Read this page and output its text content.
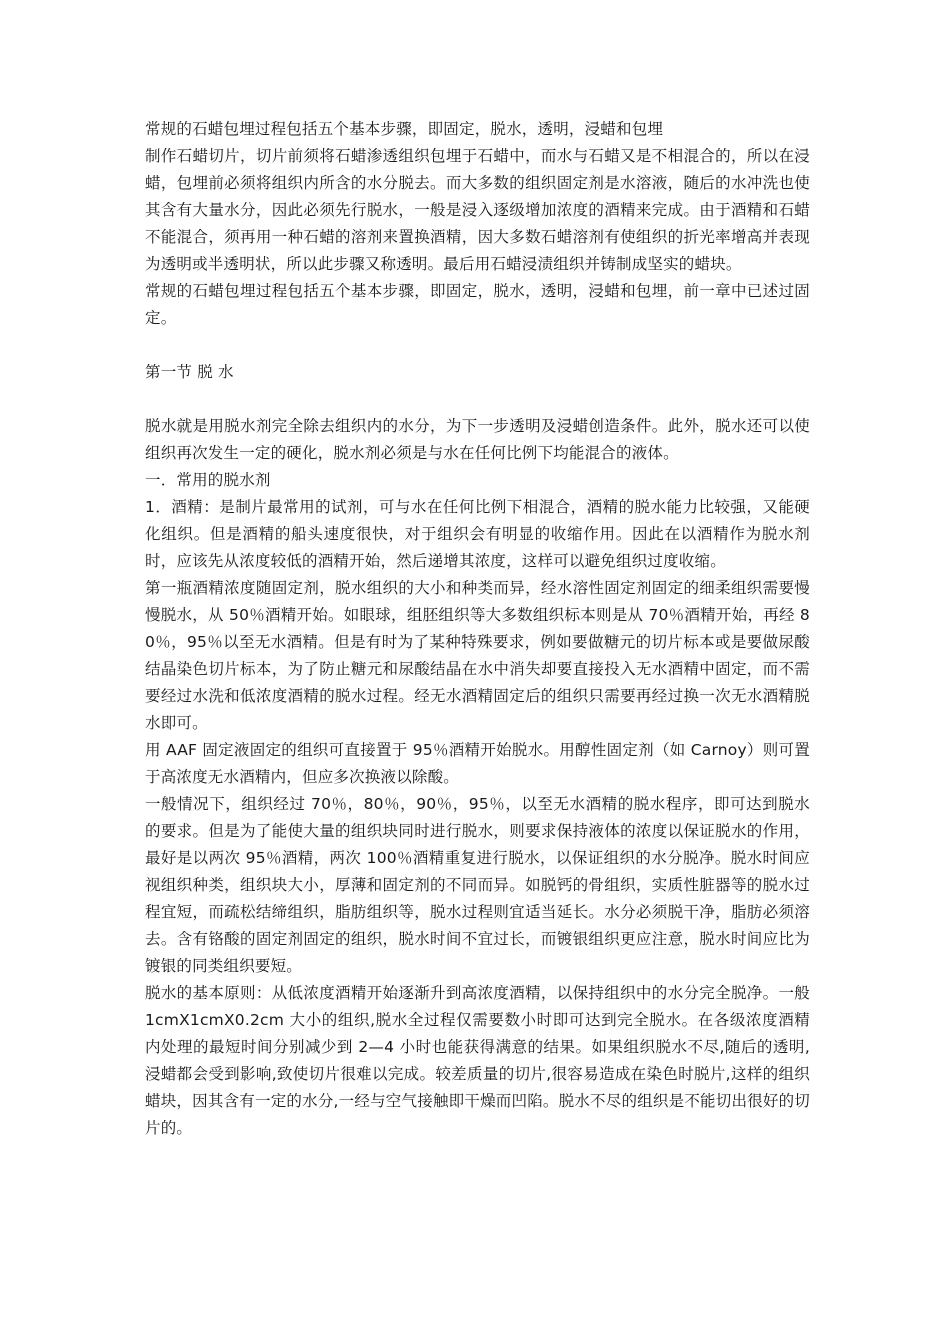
常规的石蜡包埋过程包括五个基本步骤，即固定，脱水，透明，浸蜡和包埋

制作石蜡切片，切片前须将石蜡渗透组织包埋于石蜡中，而水与石蜡又是不相混合的，所以在浸蜡，包埋前必须将组织内所含的水分脱去。而大多数的组织固定剂是水溶液，随后的水冲洗也使其含有大量水分，因此必须先行脱水，一般是浸入逐级增加浓度的酒精来完成。由于酒精和石蜡不能混合，须再用一种石蜡的溶剂来置换酒精，因大多数石蜡溶剂有使组织的折光率增高并表现为透明或半透明状，所以此步骤又称透明。最后用石蜡浸渍组织并铸制成坚实的蜡块。

常规的石蜡包埋过程包括五个基本步骤，即固定，脱水，透明，浸蜡和包埋，前一章中已述过固定。

第一节 脱 水

脱水就是用脱水剂完全除去组织内的水分，为下一步透明及浸蜡创造条件。此外，脱水还可以使组织再次发生一定的硬化，脱水剂必须是与水在任何比例下均能混合的液体。

一．常用的脱水剂

1．酒精：是制片最常用的试剂，可与水在任何比例下相混合，酒精的脱水能力比较强，又能硬化组织。但是酒精的船头速度很快，对于组织会有明显的收缩作用。因此在以酒精作为脱水剂时，应该先从浓度较低的酒精开始，然后递增其浓度，这样可以避免组织过度收缩。

第一瓶酒精浓度随固定剂，脱水组织的大小和种类而异，经水溶性固定剂固定的细柔组织需要慢慢脱水，从 50％酒精开始。如眼球，组胚组织等大多数组织标本则是从 70％酒精开始，再经 80％，95％以至无水酒精。但是有时为了某种特殊要求，例如要做糖元的切片标本或是要做尿酸结晶染色切片标本，为了防止糖元和尿酸结晶在水中消失却要直接投入无水酒精中固定，而不需要经过水洗和低浓度酒精的脱水过程。经无水酒精固定后的组织只需要再经过换一次无水酒精脱水即可。

用 AAF 固定液固定的组织可直接置于 95％酒精开始脱水。用醇性固定剂（如 Carnoy）则可置于高浓度无水酒精内，但应多次换液以除酸。

一般情况下，组织经过 70％，80％，90％，95％，以至无水酒精的脱水程序，即可达到脱水的要求。但是为了能使大量的组织块同时进行脱水，则要求保持液体的浓度以保证脱水的作用，最好是以两次 95％酒精，两次 100％酒精重复进行脱水，以保证组织的水分脱净。脱水时间应视组织种类，组织块大小，厚薄和固定剂的不同而异。如脱钙的骨组织，实质性脏器等的脱水过程宜短，而疏松结缔组织，脂肪组织等，脱水过程则宜适当延长。水分必须脱干净，脂肪必须溶去。含有铬酸的固定剂固定的组织，脱水时间不宜过长，而镀银组织更应注意，脱水时间应比为镀银的同类组织要短。

脱水的基本原则：从低浓度酒精开始逐渐升到高浓度酒精，以保持组织中的水分完全脱净。一般 1cmX1cmX0.2cm 大小的组织,脱水全过程仅需要数小时即可达到完全脱水。在各级浓度酒精内处理的最短时间分别减少到 2—4 小时也能获得满意的结果。如果组织脱水不尽,随后的透明,浸蜡都会受到影响,致使切片很难以完成。较差质量的切片,很容易造成在染色时脱片,这样的组织蜡块，因其含有一定的水分,一经与空气接触即干燥而凹陷。脱水不尽的组织是不能切出很好的切片的。
